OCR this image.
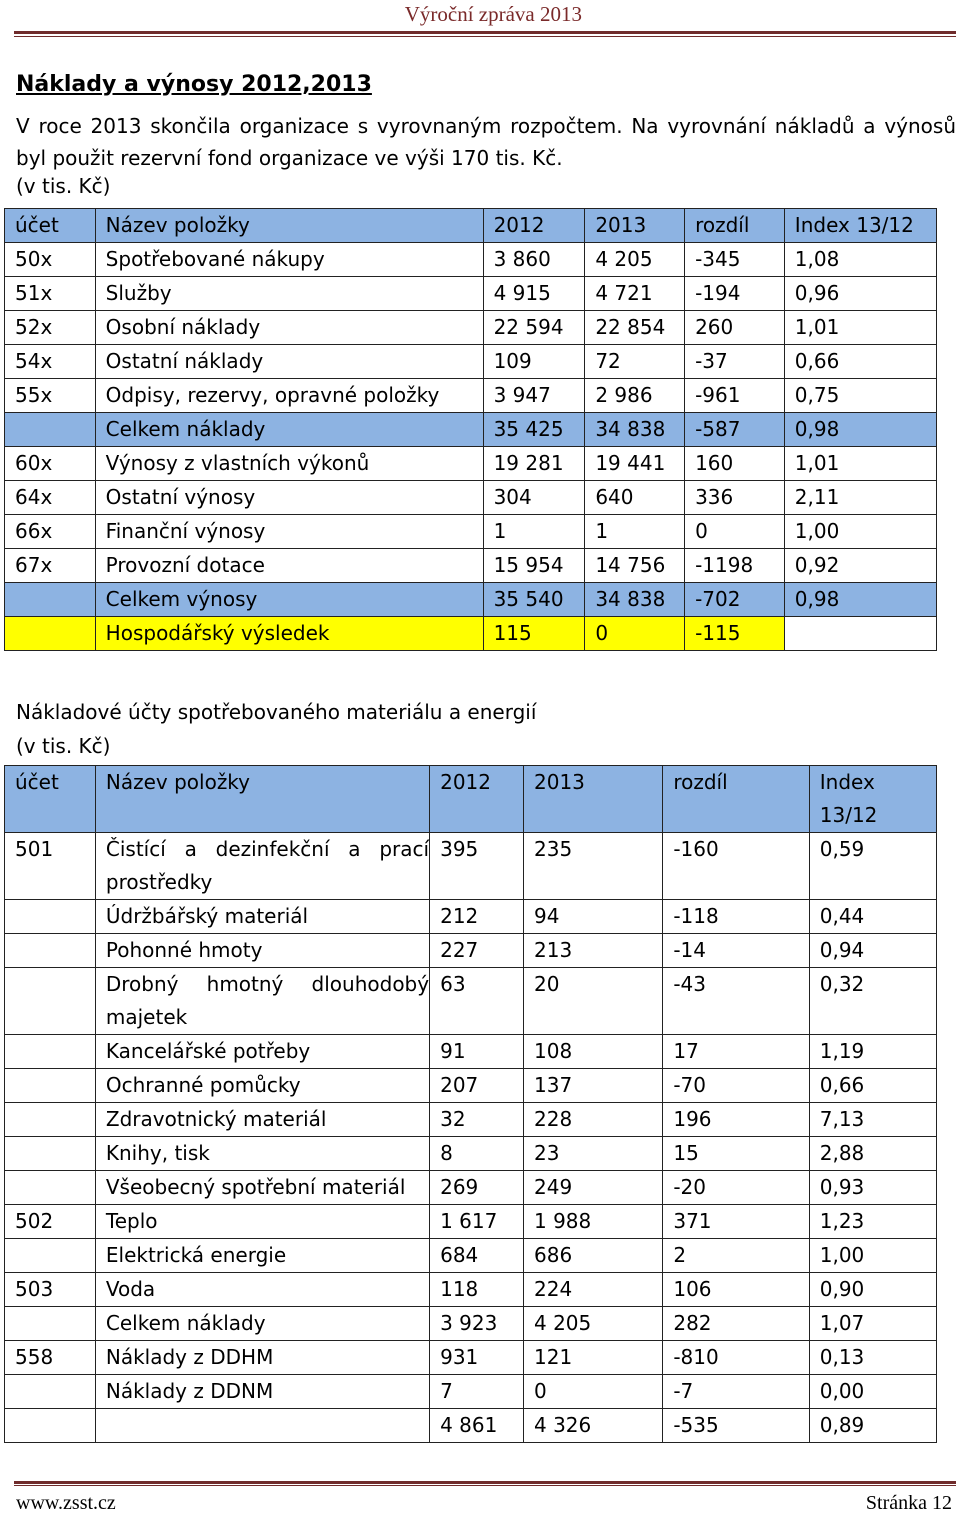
Výroční zpráva 2013
Náklady a výnosy 2012,2013
V roce 2013 skončila organizace s vyrovnaným rozpočtem. Na vyrovnání nákladů a výnosů byl použit rezervní fond organizace ve výši 170 tis. Kč.
(v tis. Kč)
účet	Název položky	2012	2013	rozdíl	Index 13/12
50x	Spotřebované nákupy	3 860	4 205	-345	1,08
51x	Služby	4 915	4 721	-194	0,96
52x	Osobní náklady	22 594	22 854	260	1,01
54x	Ostatní náklady	109	72	-37	0,66
55x	Odpisy, rezervy, opravné položky	3 947	2 986	-961	0,75
	Celkem náklady	35 425	34 838	-587	0,98
60x	Výnosy z vlastních výkonů	19 281	19 441	160	1,01
64x	Ostatní výnosy	304	640	336	2,11
66x	Finanční výnosy	1	1	0	1,00
67x	Provozní dotace	15 954	14 756	-1198	0,92
	Celkem výnosy	35 540	34 838	-702	0,98
	Hospodářský výsledek	115	0	-115	
Nákladové účty spotřebovaného materiálu a energií
(v tis. Kč)
účet	Název položky	2012	2013	rozdíl	Index 13/12
501	Čistící a dezinfekční a prací prostředky	395	235	-160	0,59
	Údržbářský materiál	212	94	-118	0,44
	Pohonné hmoty	227	213	-14	0,94
	Drobný hmotný dlouhodobý majetek	63	20	-43	0,32
	Kancelářské potřeby	91	108	17	1,19
	Ochranné pomůcky	207	137	-70	0,66
	Zdravotnický materiál	32	228	196	7,13
	Knihy, tisk	8	23	15	2,88
	Všeobecný spotřební materiál	269	249	-20	0,93
502	Teplo	1 617	1 988	371	1,23
	Elektrická energie	684	686	2	1,00
503	Voda	118	224	106	0,90
	Celkem náklady	3 923	4 205	282	1,07
558	Náklady z DDHM	931	121	-810	0,13
	Náklady z DDNM	7	0	-7	0,00
		4 861	4 326	-535	0,89
www.zsst.cz	Stránka 12
